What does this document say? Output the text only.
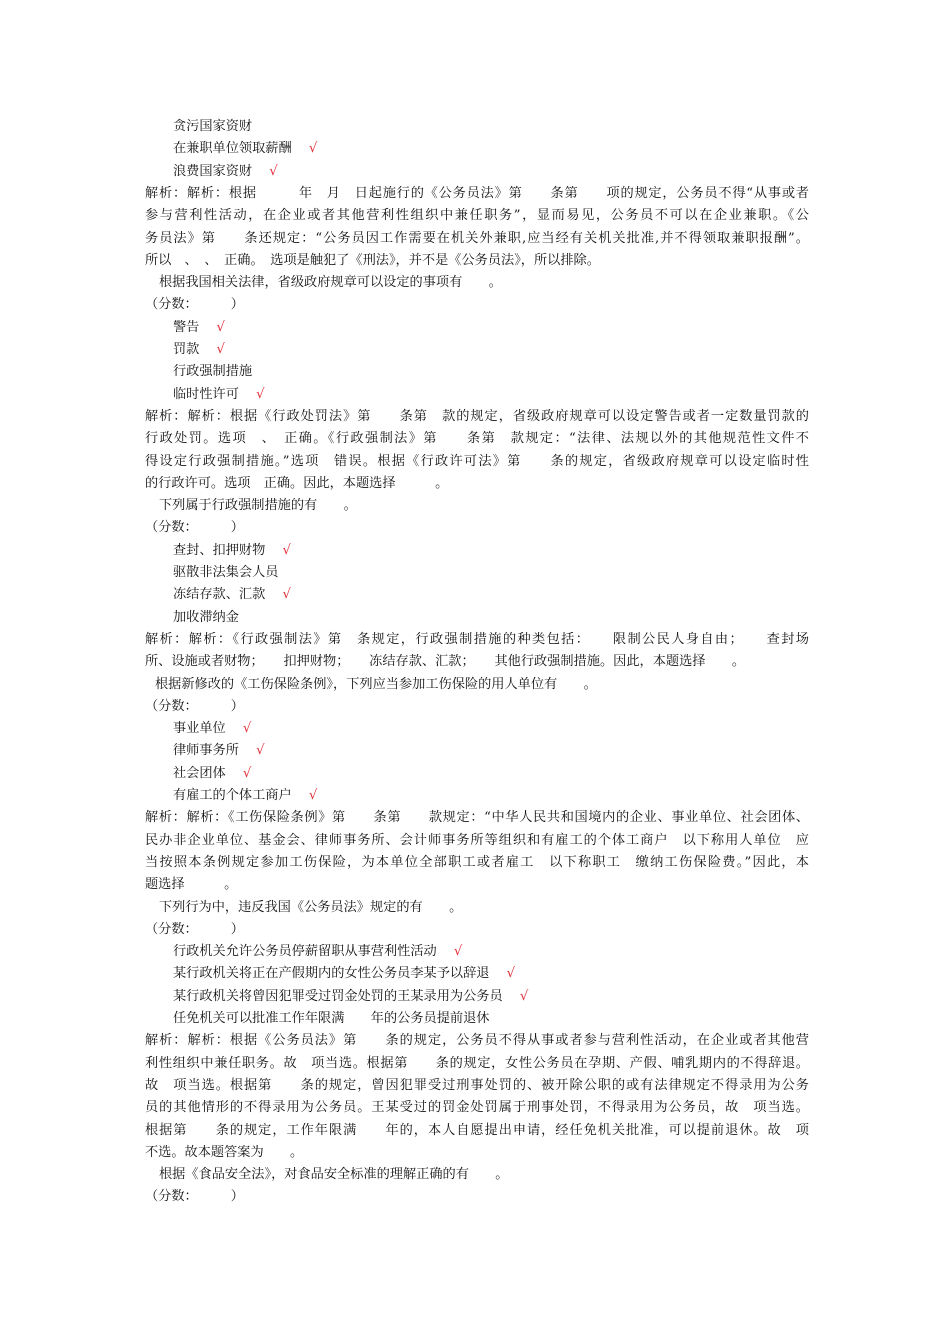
贪污国家资财
在兼职单位领取薪酬　√
浪费国家资财　√
解析：解析：根据　　　年　月　日起施行的《公务员法》第　　条第　　项的规定，公务员不得“从事或者
参与营利性活动，在企业或者其他营利性组织中兼任职务”，显而易见，公务员不可以在企业兼职。《公
务员法》第　　条还规定：“公务员因工作需要在机关外兼职,应当经有关机关批准,并不得领取兼职报酬”。
所以　、　、　正确。　选项是触犯了《刑法》，并不是《公务员法》，所以排除。
根据我国相关法律，省级政府规章可以设定的事项有　　。
（分数：　　　）
警告　√
罚款　√
行政强制措施
临时性许可　√
解析：解析：根据《行政处罚法》第　　条第　款的规定，省级政府规章可以设定警告或者一定数量罚款的
行政处罚。选项　、　正确。《行政强制法》第　　条第　款规定：“法律、法规以外的其他规范性文件不
得设定行政强制措施。”选项　错误。根据《行政许可法》第　　条的规定，省级政府规章可以设定临时性
的行政许可。选项　正确。因此，本题选择　　　。
下列属于行政强制措施的有　　。
（分数：　　　）
查封、扣押财物　√
驱散非法集会人员
冻结存款、汇款　√
加收滞纳金
解析：解析：《行政强制法》第　条规定，行政强制措施的种类包括：　　限制公民人身自由；　　查封场
所、设施或者财物；　　扣押财物；　　冻结存款、汇款；　　其他行政强制措施。因此，本题选择　　。
根据新修改的《工伤保险条例》，下列应当参加工伤保险的用人单位有　　。
（分数：　　　）
事业单位　√
律师事务所　√
社会团体　√
有雇工的个体工商户　√
解析：解析：《工伤保险条例》第　　条第　　款规定：“中华人民共和国境内的企业、事业单位、社会团体、
民办非企业单位、基金会、律师事务所、会计师事务所等组织和有雇工的个体工商户　以下称用人单位　应
当按照本条例规定参加工伤保险，为本单位全部职工或者雇工　以下称职工　缴纳工伤保险费。”因此，本
题选择　　　。
下列行为中，违反我国《公务员法》规定的有　　。
（分数：　　　）
行政机关允许公务员停薪留职从事营利性活动　√
某行政机关将正在产假期内的女性公务员李某予以辞退　√
某行政机关将曾因犯罪受过罚金处罚的王某录用为公务员　√
任免机关可以批准工作年限满　　年的公务员提前退休
解析：解析：根据《公务员法》第　　条的规定，公务员不得从事或者参与营利性活动，在企业或者其他营
利性组织中兼任职务。故　项当选。根据第　　条的规定，女性公务员在孕期、产假、哺乳期内的不得辞退。
故　项当选。根据第　　条的规定，曾因犯罪受过刑事处罚的、被开除公职的或有法律规定不得录用为公务
员的其他情形的不得录用为公务员。王某受过的罚金处罚属于刑事处罚，不得录用为公务员，故　项当选。
根据第　　条的规定，工作年限满　　年的，本人自愿提出申请，经任免机关批准，可以提前退休。故　项
不选。故本题答案为　　。
根据《食品安全法》，对食品安全标准的理解正确的有　　。
（分数：　　　）
